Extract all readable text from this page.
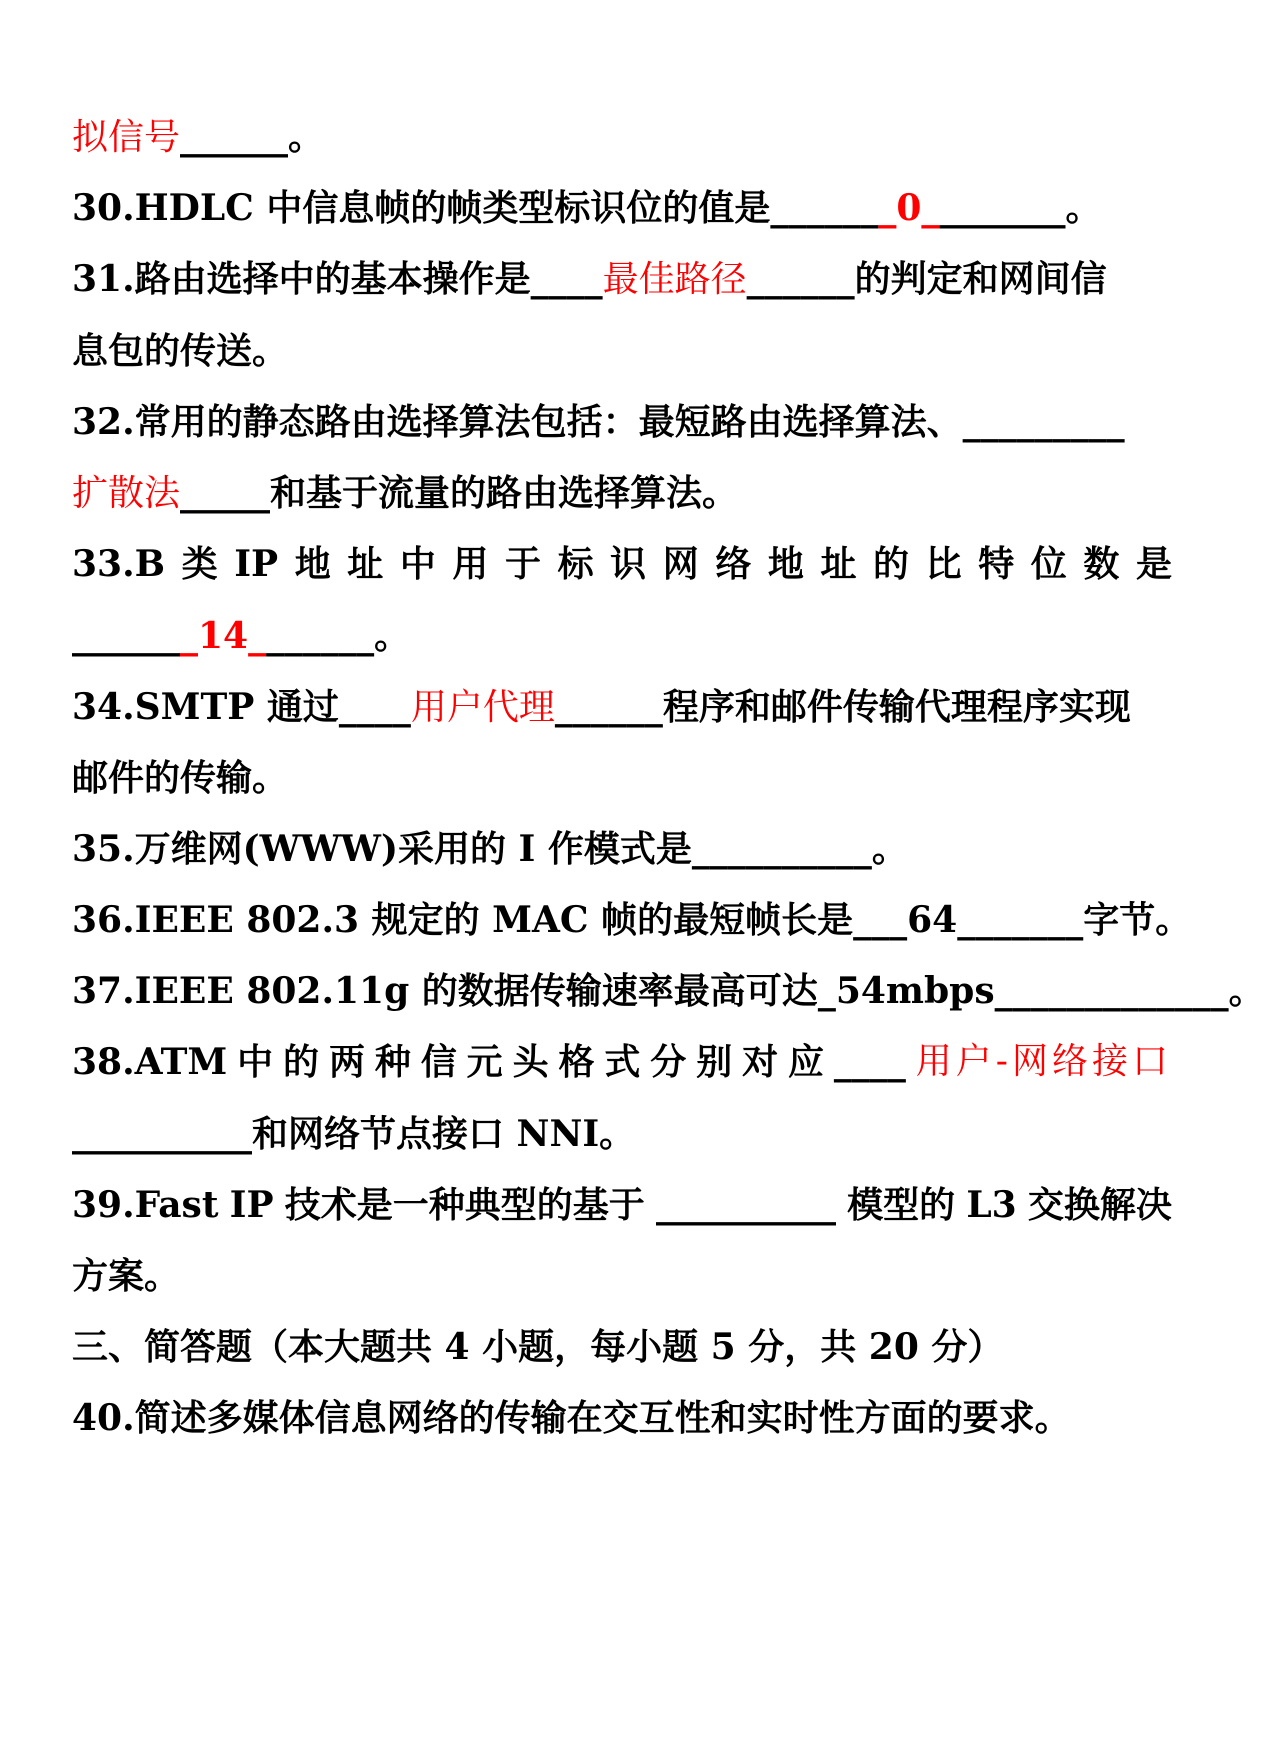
拟信号______。
30.HDLC 中信息帧的帧类型标识位的值是_______0________。
31.路由选择中的基本操作是____最佳路径______的判定和网间信
息包的传送。
32.常用的静态路由选择算法包括：最短路由选择算法、_________
扩散法_____和基于流量的路由选择算法。
33.B 类 IP 地 址 中 用 于 标 识 网 络 地 址 的 比 特 位 数 是
_______14_______。
34.SMTP 通过____用户代理______程序和邮件传输代理程序实现
邮件的传输。
35.万维网(WWW)采用的 I 作模式是__________。
36.IEEE 802.3 规定的 MAC 帧的最短帧长是___64_______字节。
37.IEEE 802.11g 的数据传输速率最高可达_54mbps_____________。
38.ATM 中 的 两 种 信 元 头 格 式 分 别 对 应 ____ 用户-网络接口
__________和网络节点接口 NNI。
39.Fast IP 技术是一种典型的基于 __________ 模型的 L3 交换解决
方案。
三、简答题（本大题共 4 小题，每小题 5 分，共 20 分）
40.简述多媒体信息网络的传输在交互性和实时性方面的要求。
